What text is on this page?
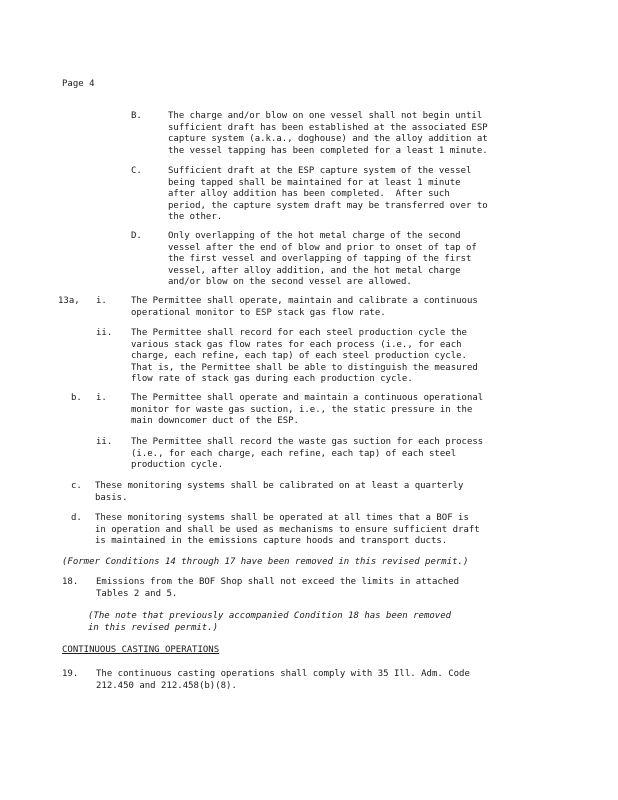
Page 4
B.	The charge and/or blow on one vessel shall not begin until
sufficient draft has been established at the associated ESP
capture system (a.k.a., doghouse) and the alloy addition at
the vessel tapping has been completed for a least 1 minute.
C.	Sufficient draft at the ESP capture system of the vessel
being tapped shall be maintained for at least 1 minute
after alloy addition has been completed.  After such
period, the capture system draft may be transferred over to
the other.
D.	Only overlapping of the hot metal charge of the second
vessel after the end of blow and prior to onset of tap of
the first vessel and overlapping of tapping of the first
vessel, after alloy addition, and the hot metal charge
and/or blow on the second vessel are allowed.
13a, i.	The Permittee shall operate, maintain and calibrate a continuous
operational monitor to ESP stack gas flow rate.
ii. The Permittee shall record for each steel production cycle the
various stack gas flow rates for each process (i.e., for each
charge, each refine, each tap) of each steel production cycle.
That is, the Permittee shall be able to distinguish the measured
flow rate of stack gas during each production cycle.
b. i.	The Permittee shall operate and maintain a continuous operational
monitor for waste gas suction, i.e., the static pressure in the
main downcomer duct of the ESP.
ii. The Permittee shall record the waste gas suction for each process
(i.e., for each charge, each refine, each tap) of each steel
production cycle.
c. These monitoring systems shall be calibrated on at least a quarterly
basis.
d. These monitoring systems shall be operated at all times that a BOF is
in operation and shall be used as mechanisms to ensure sufficient draft
is maintained in the emissions capture hoods and transport ducts.
(Former Conditions 14 through 17 have been removed in this revised permit.)
18. Emissions from the BOF Shop shall not exceed the limits in attached
Tables 2 and 5.
(The note that previously accompanied Condition 18 has been removed
in this revised permit.)
CONTINUOUS CASTING OPERATIONS
19. The continuous casting operations shall comply with 35 Ill. Adm. Code
212.450 and 212.458(b)(8).
